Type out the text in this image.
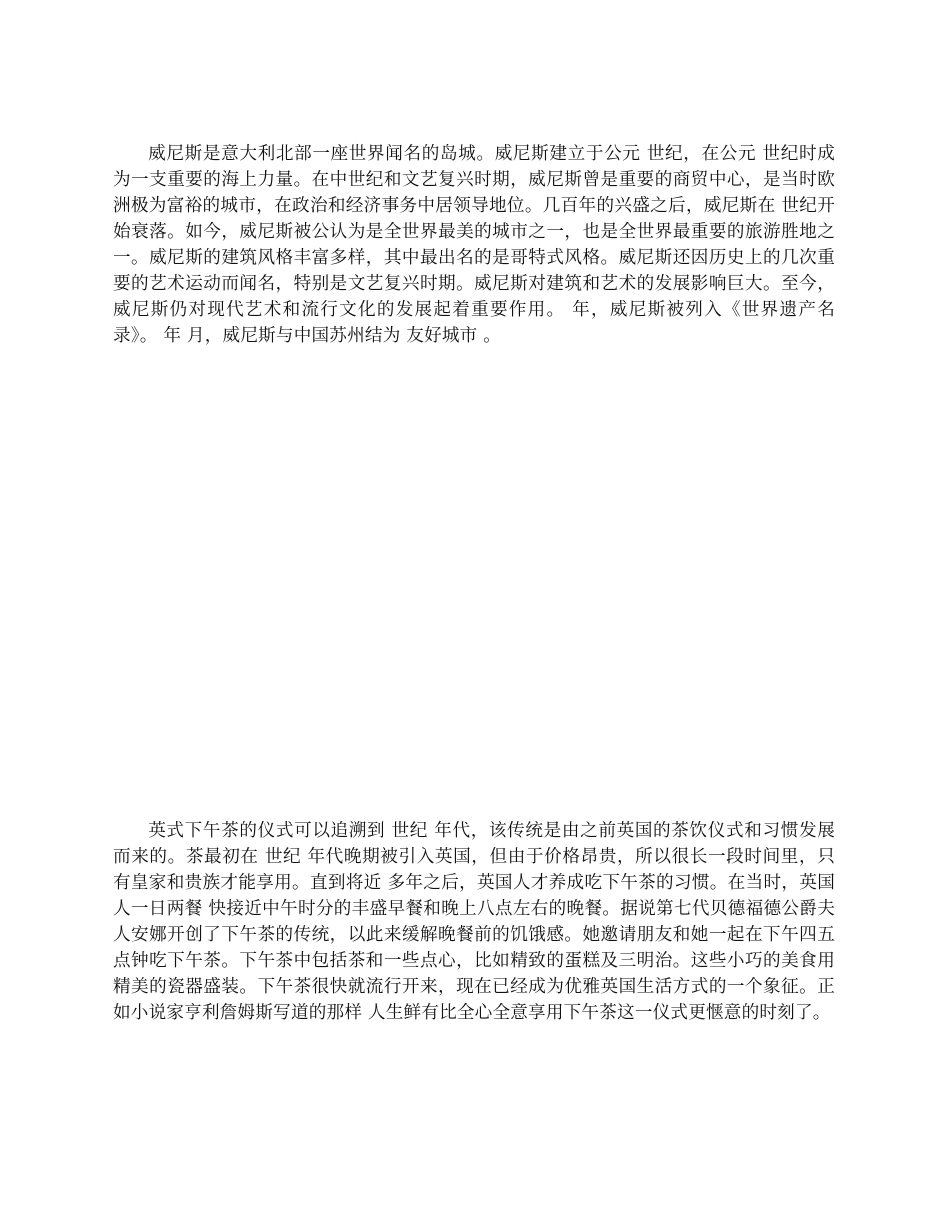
威尼斯是意大利北部一座世界闻名的岛城。威尼斯建立于公元 世纪，在公元 世纪时成为一支重要的海上力量。在中世纪和文艺复兴时期，威尼斯曾是重要的商贸中心，是当时欧洲极为富裕的城市，在政治和经济事务中居领导地位。几百年的兴盛之后，威尼斯在 世纪开始衰落。如今，威尼斯被公认为是全世界最美的城市之一，也是全世界最重要的旅游胜地之一。威尼斯的建筑风格丰富多样，其中最出名的是哥特式风格。威尼斯还因历史上的几次重要的艺术运动而闻名，特别是文艺复兴时期。威尼斯对建筑和艺术的发展影响巨大。至今，威尼斯仍对现代艺术和流行文化的发展起着重要作用。 年，威尼斯被列入《世界遗产名录》。 年 月，威尼斯与中国苏州结为 友好城市 。

英式下午茶的仪式可以追溯到 世纪 年代，该传统是由之前英国的茶饮仪式和习惯发展而来的。茶最初在 世纪 年代晚期被引入英国，但由于价格昂贵，所以很长一段时间里，只有皇家和贵族才能享用。直到将近 多年之后，英国人才养成吃下午茶的习惯。在当时，英国人一日两餐 快接近中午时分的丰盛早餐和晚上八点左右的晚餐。据说第七代贝德福德公爵夫人安娜开创了下午茶的传统，以此来缓解晚餐前的饥饿感。她邀请朋友和她一起在下午四五点钟吃下午茶。下午茶中包括茶和一些点心，比如精致的蛋糕及三明治。这些小巧的美食用精美的瓷器盛装。下午茶很快就流行开来，现在已经成为优雅英国生活方式的一个象征。正如小说家亨利詹姆斯写道的那样 人生鲜有比全心全意享用下午茶这一仪式更惬意的时刻了。
